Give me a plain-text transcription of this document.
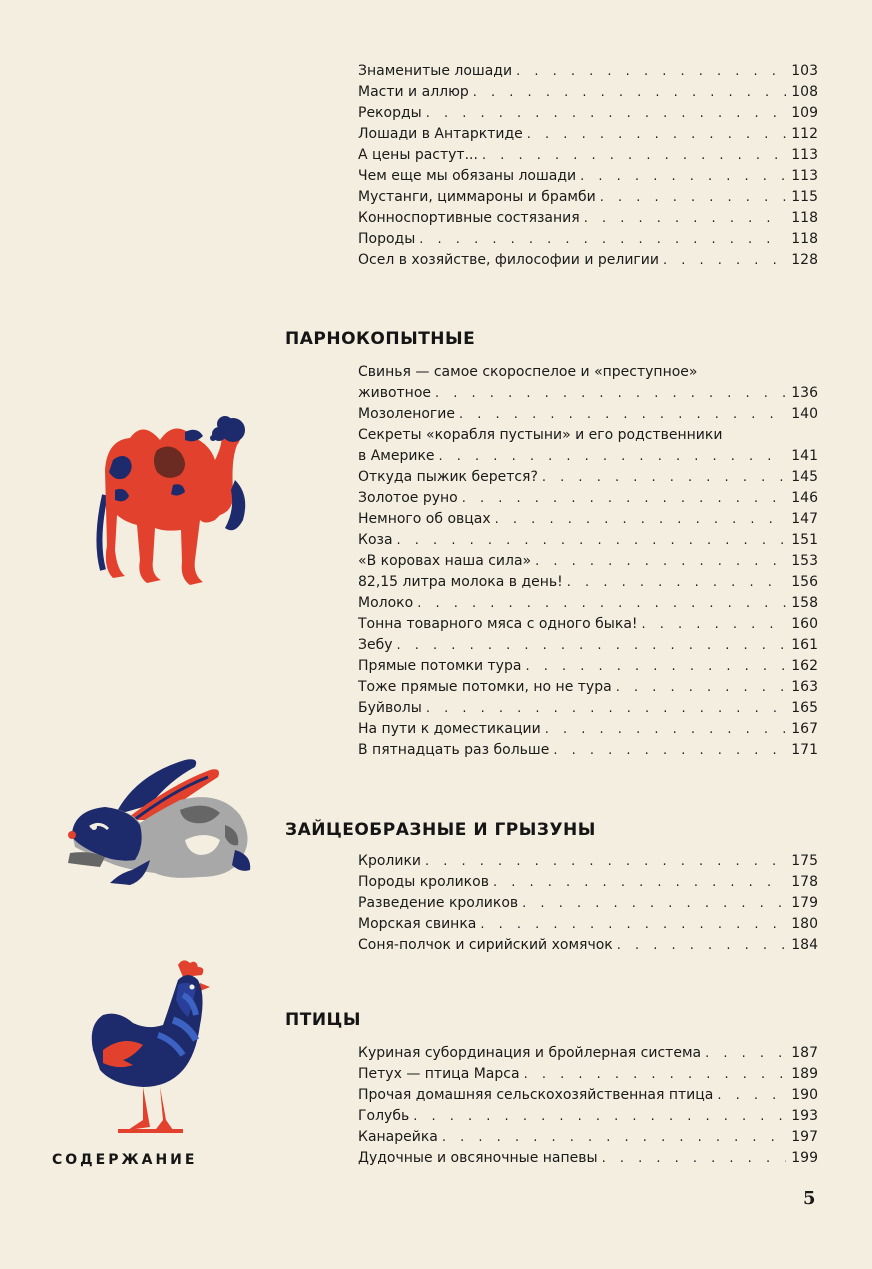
Знаменитые лошади . . .	103
Масти и аллюр . . .	108
Рекорды . . .	109
Лошади в Антарктиде . . .	112
А цены растут... . . .	113
Чем еще мы обязаны лошади . . .	113
Мустанги, циммароны и брамби . . .	115
Конноспортивные состязания . . .	118
Породы . . .	118
Осел в хозяйстве, философии и религии . . .	128
ПАРНОКОПЫТНЫЕ
Свинья — самое скороспелое и «преступное»
животное . . .	136
Мозоленогие . . .	140
Секреты «корабля пустыни» и его родственники
в Америке . . .	141
Откуда пыжик берется? . . .	145
Золотое руно . . .	146
Немного об овцах . . .	147
Коза . . .	151
«В коровах наша сила» . . .	153
82,15 литра молока в день! . . .	156
Молоко . . .	158
Тонна товарного мяса с одного быка! . . .	160
Зебу . . .	161
Прямые потомки тура . . .	162
Тоже прямые потомки, но не тура . . .	163
Буйволы . . .	165
На пути к доместикации . . .	167
В пятнадцать раз больше . . .	171
ЗАЙЦЕОБРАЗНЫЕ И ГРЫЗУНЫ
Кролики . . .	175
Породы кроликов . . .	178
Разведение кроликов . . .	179
Морская свинка . . .	180
Соня-полчок и сирийский хомячок . . .	184
ПТИЦЫ
Куриная субординация и бройлерная система . . .	187
Петух — птица Марса . . .	189
Прочая домашняя сельскохозяйственная птица . . .	190
Голубь . . .	193
Канарейка . . .	197
Дудочные и овсяночные напевы . . .	199
СОДЕРЖАНИЕ
5
